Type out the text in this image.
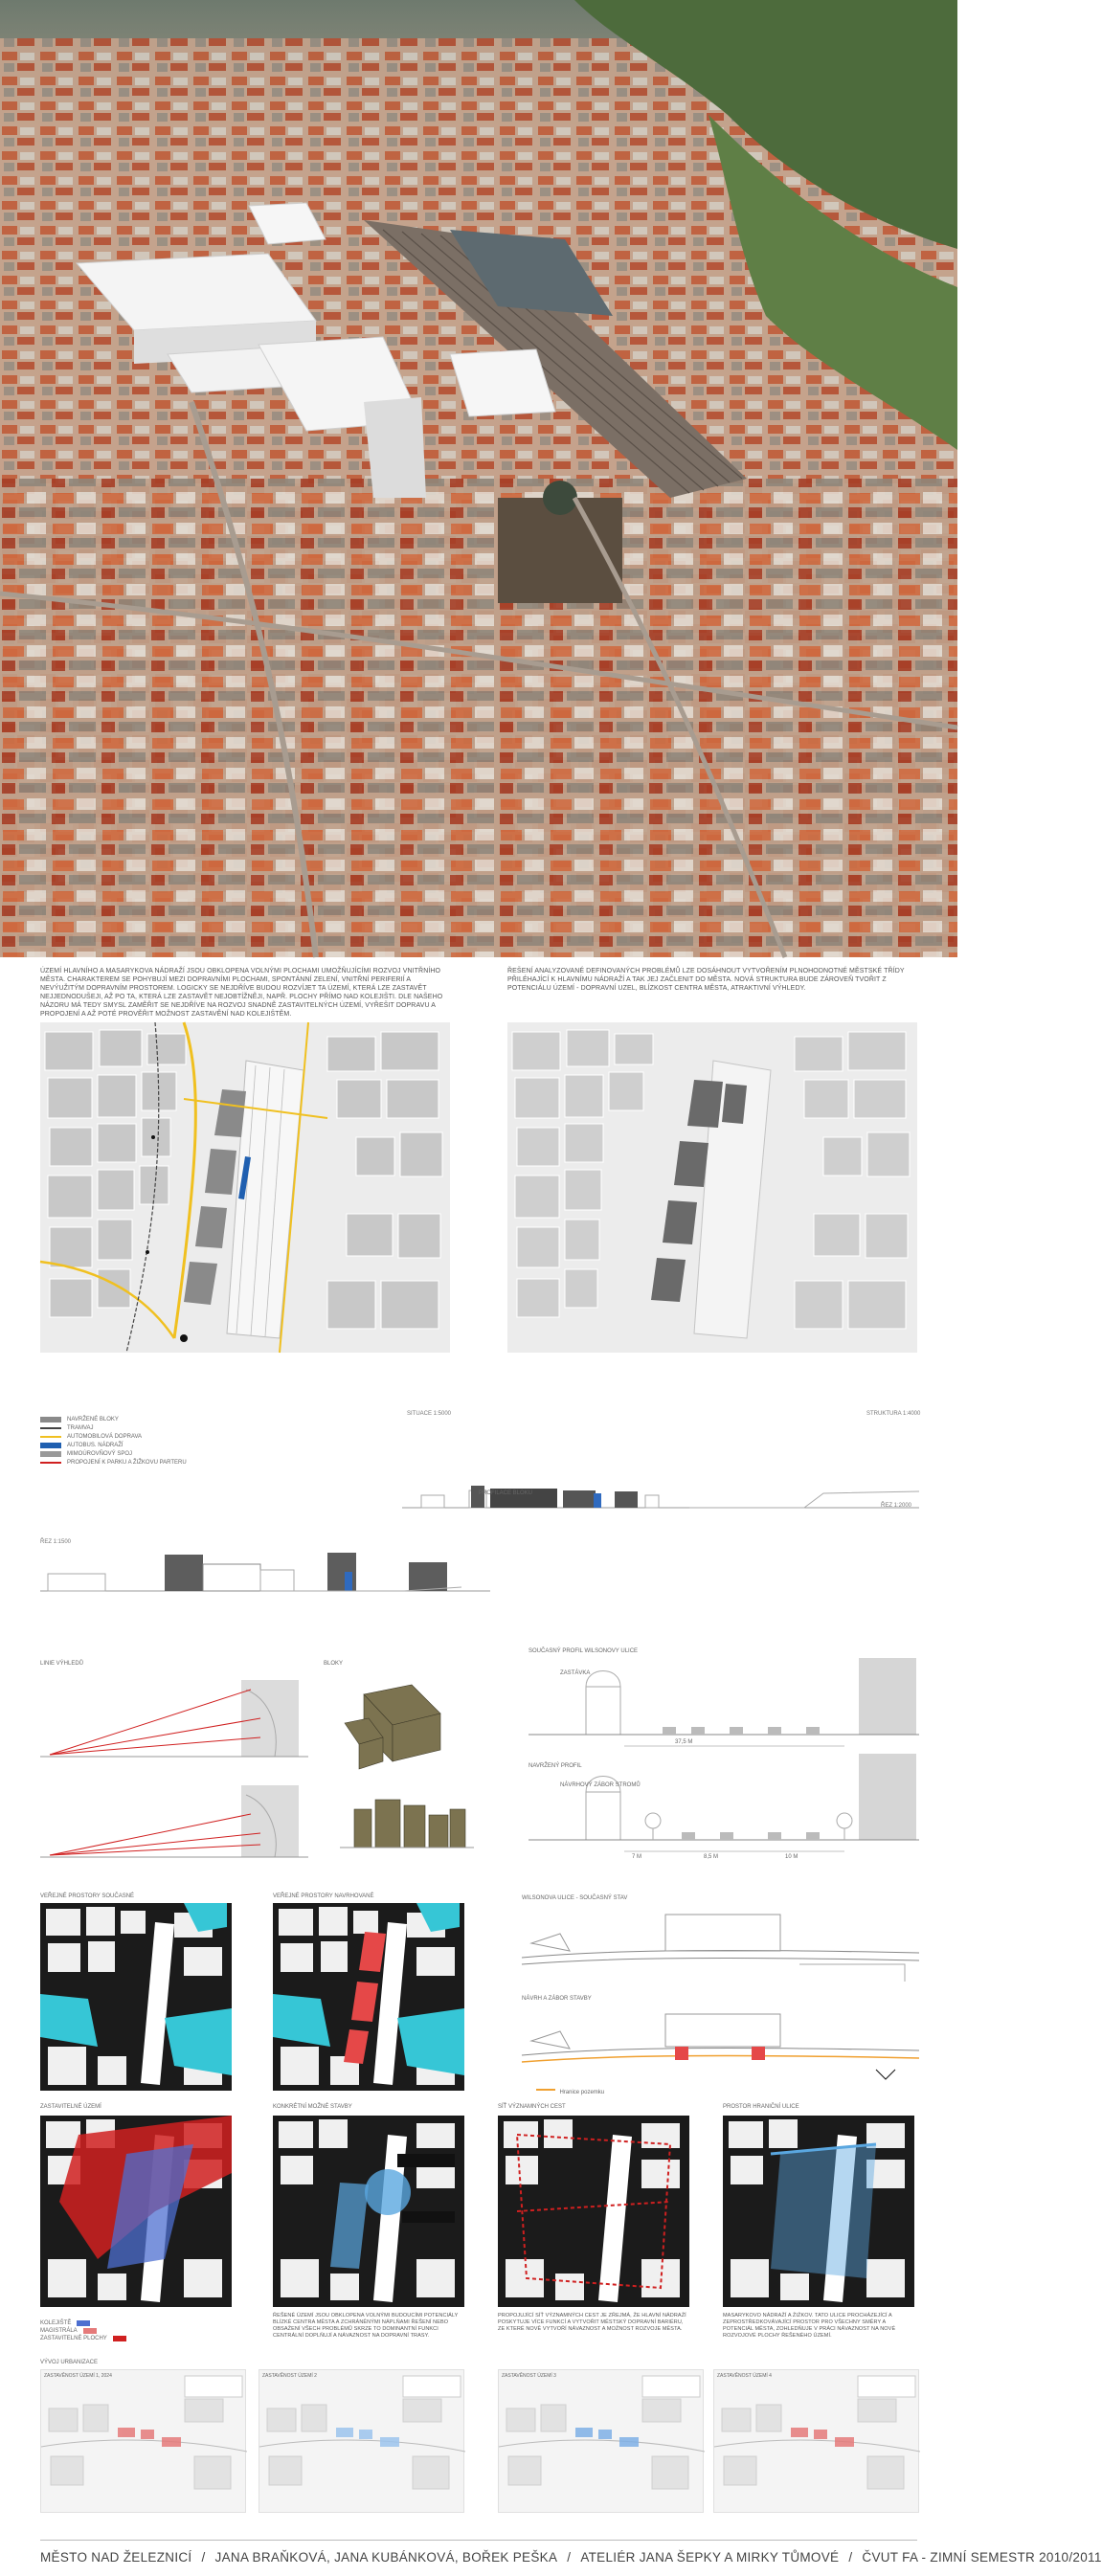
ÚZEMÍ HLAVNÍHO A MASARYKOVA NÁDRAŽÍ JSOU OBKLOPENA VOLNÝMI PLOCHAMI UMOŽŇUJÍCÍMI ROZVOJ VNITŘNÍHO MĚSTA. CHARAKTEREM SE POHYBUJÍ MEZI DOPRAVNÍMI PLOCHAMI, SPONTÁNNÍ ZELENÍ, VNITŘNÍ PERIFERIÍ A NEVÝUŽITÝM DOPRAVNÍM PROSTOREM. LOGICKY SE NEJDŘÍVE BUDOU ROZVÍJET TA ÚZEMÍ, KTERÁ LZE ZASTAVĚT NEJJEDNODUŠEJI, AŽ PO TA, KTERÁ LZE ZASTAVĚT NEJOBTÍŽNĚJI, NAPŘ. PLOCHY PŘÍMO NAD KOLEJIŠTI. DLE NAŠEHO NÁZORU MÁ TEDY SMYSL ZAMĚŘIT SE NEJDŘÍVE NA ROZVOJ SNADNĚ ZASTAVITELNÝCH ÚZEMÍ, VYŘEŠIT DOPRAVU A PROPOJENÍ A AŽ POTÉ PROVĚŘIT MOŽNOST ZASTAVĚNÍ NAD KOLEJIŠTĚM.
ŘEŠENÍ ANALYZOVANÉ DEFINOVANÝCH PROBLÉMŮ LZE DOSÁHNOUT VYTVOŘENÍM PLNOHODNOTNÉ MĚSTSKÉ TŘÍDY PŘILÉHAJÍCÍ K HLAVNÍMU NÁDRAŽÍ A TAK JEJ ZAČLENIT DO MĚSTA. NOVÁ STRUKTURA BUDE ZÁROVEŇ TVOŘIT Z POTENCIÁLU ÚZEMÍ - DOPRAVNÍ UZEL, BLÍZKOST CENTRA MĚSTA, ATRAKTIVNÍ VÝHLEDY.
SITUACE 1:5000	STRUKTURA 1:4000
NAVRŽENÉ BLOKY
TRAMVAJ
AUTOMOBILOVÁ DOPRAVA
AUTOBUS. NÁDRAŽÍ
MIMOÚROVŇOVÝ SPOJ
PROPOJENÍ K PARKU A ŽIŽKOVU PARTERU
PROFILACE BLOKU
ŘEZ 1:2000
ŘEZ 1:1500
LINIE VÝHLEDŮ	BLOKY
SOUČASNÝ PROFIL WILSONOVY ULICE
37,5 M
ZASTÁVKA
NAVRŽENÝ PROFIL
NÁVRHOVÝ ZÁBOR STROMŮ
7 M	8,5 M	10 M
VEŘEJNÉ PROSTORY SOUČASNÉ	VEŘEJNÉ PROSTORY NAVRHOVANÉ	WILSONOVA ULICE - SOUČASNÝ STAV
NÁVRH A ZÁBOR STAVBY
Hranice pozemku
ZASTAVITELNÉ ÚZEMÍ	KONKRÉTNÍ MOŽNÉ STAVBY
ŘEŠENÉ ÚZEMÍ JSOU OBKLOPENA VOLNÝMI BUDOUCÍMI POTENCIÁLY BLÍZKÉ CENTRA MĚSTA A ZCHRÁNĚNÝMI NÁPLŇAMI ŘEŠENÍ NEBO OBSAŽENÍ VŠECH PROBLÉMŮ SKRZE TO DOMINANTNÍ FUNKCI CENTRÁLNÍ DOPLŇUJÍ A NÁVAZNOST NA DOPRAVNÍ TRASY.
SÍŤ VÝZNAMNÝCH CEST
PROPOJUJÍCÍ SÍŤ VÝZNAMNÝCH CEST JE ZŘEJMÁ, ŽE HLAVNÍ NÁDRAŽÍ POSKYTUJE VÍCE FUNKCÍ A VYTVOŘIT MĚSTSKÝ DOPRAVNÍ BARIÉRU, ZE KTERÉ NOVĚ VYTVOŘÍ NÁVAZNOST A MOŽNOST ROZVOJE MĚSTA.
PROSTOR HRANIČNÍ ULICE
MASARYKOVO NÁDRAŽÍ A ŽIŽKOV. TATO ULICE PROCHÁZEJÍCÍ A ZEPROSTŘEDKOVÁVAJÍCÍ PROSTOR PRO VŠECHNY SMĚRY A POTENCIÁL MĚSTA, ZOHLEDŇUJE V PRÁCI NÁVAZNOST NA NOVÉ ROZVOJOVÉ PLOCHY ŘEŠENÉHO ÚZEMÍ.
KOLEJIŠTĚ
MAGISTRÁLA
ZASTAVITELNÉ PLOCHY
VÝVOJ URBANIZACE
ZASTAVĚNOST ÚZEMÍ 1, 2024	ZASTAVĚNOST ÚZEMÍ 2	ZASTAVĚNOST ÚZEMÍ 3	ZASTAVĚNOST ÚZEMÍ 4
MĚSTO NAD ŽELEZNICÍ / JANA BRAŇKOVÁ, JANA KUBÁNKOVÁ, BOŘEK PEŠKA / ATELIÉR JANA ŠEPKY A MIRKY TŮMOVÉ / ČVUT FA - ZIMNÍ SEMESTR 2010/2011
